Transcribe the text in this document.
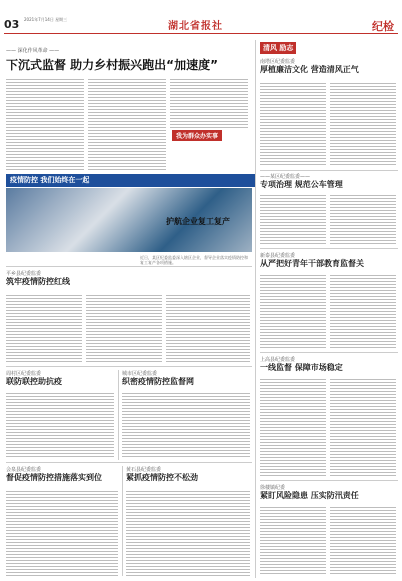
03 2021年7月14日 星期三
湖北省报社	纪检
—— 深化作风革命 ——
下沉式监督 助力乡村振兴跑出“加速度”
我为群众办实事
疫情防控 我们始终在一起
护航企业复工复产
近日，某区纪委监委深入辖区企业，督导企业落实疫情防控和复工复产各项措施。
平乡县纪委监委
筑牢疫情防控红线
周村区纪委监委
联防联控助抗疫
城市区纪委监委
织密疫情防控监督网
会泉县纪委监委
督促疫情防控措施落实到位
黄石县纪委监委
紧抓疫情防控不松劲
清风 励志
南塔区纪委监委
厚植廉洁文化 营造清风正气
——某区纪委监委——
专项治理 规范公车管理
新泰县纪委监委
从严把好青年干部教育监督关
上高县纪委监委
一线监督 保障市场稳定
徐楼镇纪委
紧盯风险隐患 压实防汛责任
